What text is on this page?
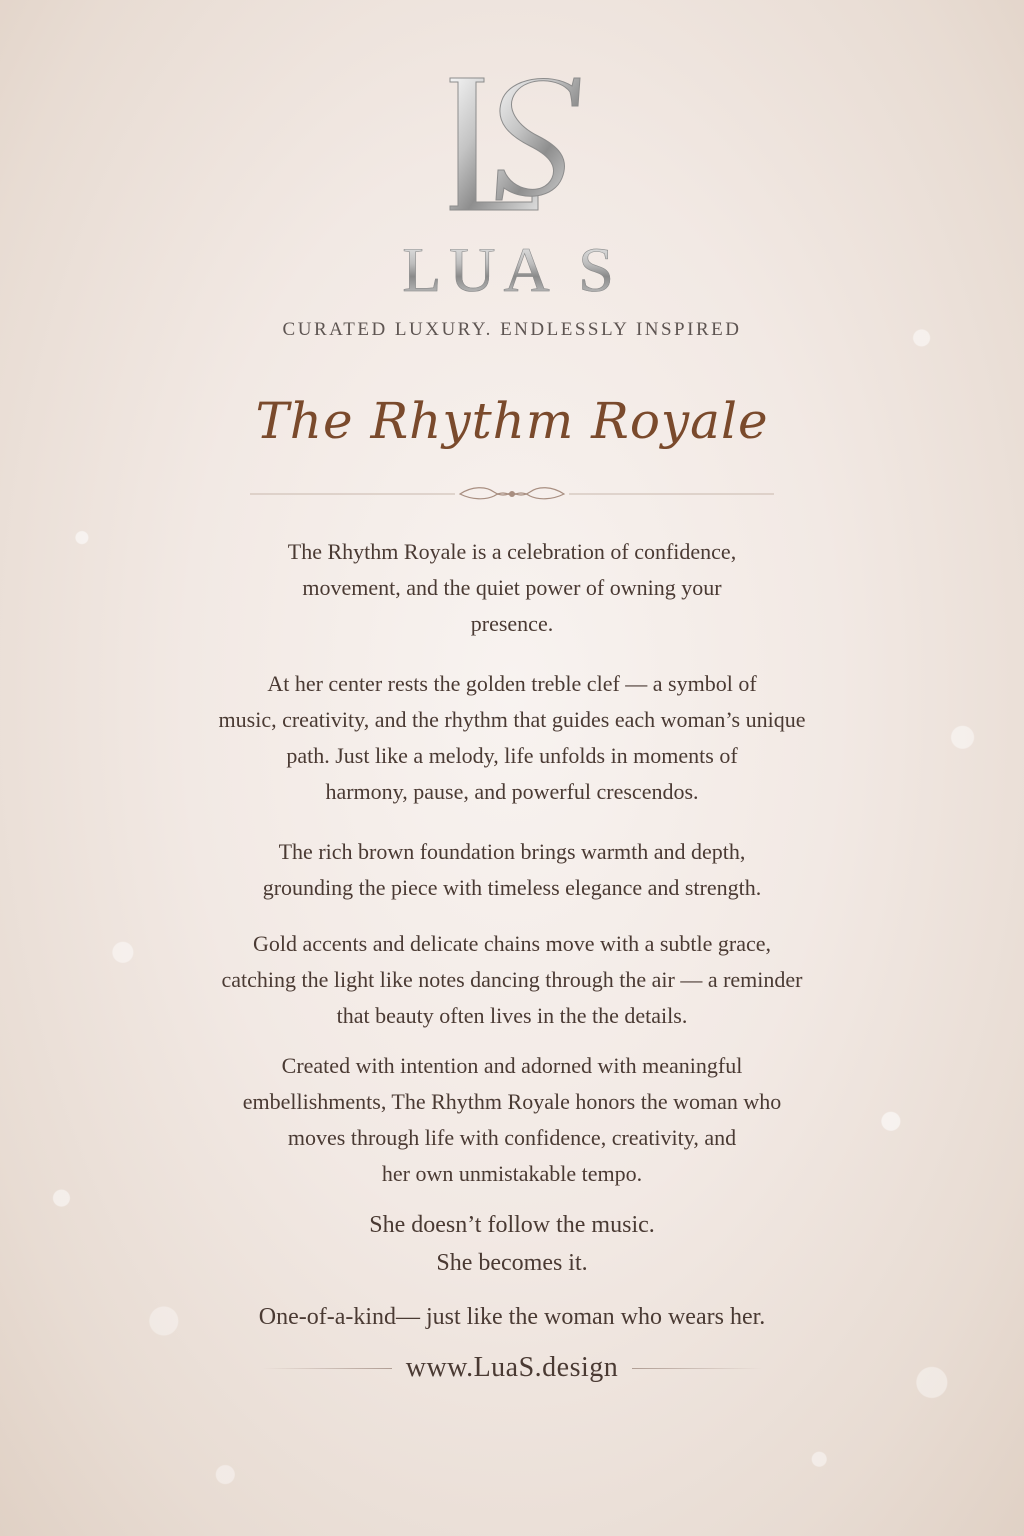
LUA S
CURATED LUXURY. ENDLESSLY INSPIRED
The Rhythm Royale

The Rhythm Royale is a celebration of confidence,
movement, and the quiet power of owning your
presence.

At her center rests the golden treble clef — a symbol of
music, creativity, and the rhythm that guides each woman’s unique
path. Just like a melody, life unfolds in moments of
harmony, pause, and powerful crescendos.

The rich brown foundation brings warmth and depth,
grounding the piece with timeless elegance and strength.

Gold accents and delicate chains move with a subtle grace,
catching the light like notes dancing through the air — a reminder
that beauty often lives in the the details.

Created with intention and adorned with meaningful
embellishments, The Rhythm Royale honors the woman who
moves through life with confidence, creativity, and
her own unmistakable tempo.

She doesn’t follow the music.

She becomes it.

One-of-a-kind— just like the woman who wears her.

www.LuaS.design
